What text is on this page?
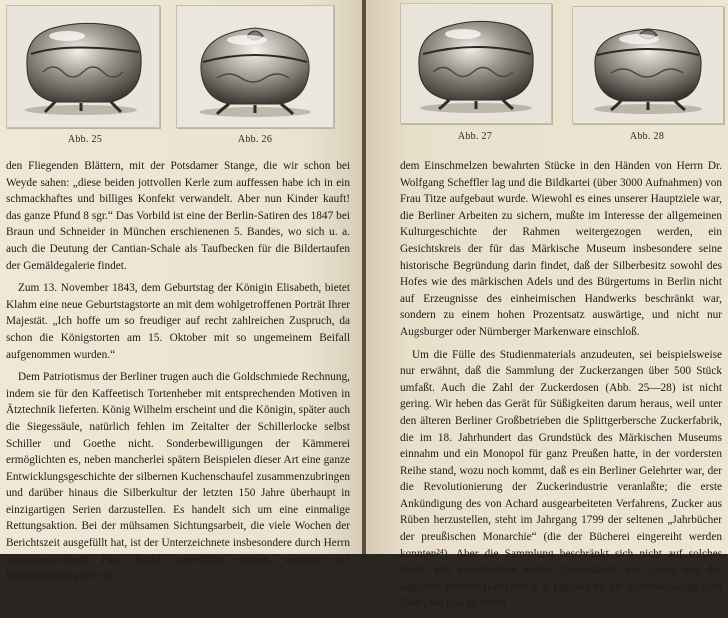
Abb. 25	Abb. 26

den Fliegenden Blättern, mit der Potsdamer Stange, die wir schon bei Weyde sahen: „diese beiden jottvollen Kerle zum auffessen habe ich in ein schmackhaftes und billiges Konfekt verwandelt. Aber nun Kinder kauft! das ganze Pfund 8 sgr.“ Das Vorbild ist eine der Berlin-Satiren des 1847 bei Braun und Schneider in München erschienenen 5. Bandes, wo sich u. a. auch die Deutung der Cantian-Schale als Taufbecken für die Bildertaufen der Gemäldegalerie findet.

Zum 13. November 1843, dem Geburtstag der Königin Elisabeth, bietet Klahm eine neue Geburtstagstorte an mit dem wohlgetroffenen Porträt Ihrer Majestät. „Ich hoffe um so freudiger auf recht zahlreichen Zuspruch, da schon die Königstorten am 15. Oktober mit so ungemeinem Beifall aufgenommen wurden.“

Dem Patriotismus der Berliner trugen auch die Goldschmiede Rechnung, indem sie für den Kaffeetisch Tortenheber mit entsprechenden Motiven in Ätztechnik lieferten. König Wilhelm erscheint und die Königin, später auch die Siegessäule, natürlich fehlen im Zeitalter der Schillerlocke selbst Schiller und Goethe nicht. Sonderbewilligungen der Kämmerei ermöglichten es, neben mancherlei spätern Beispielen dieser Art eine ganze Entwicklungsgeschichte der silbernen Kuchenschaufel zusammenzubringen und darüber hinaus die Silberkultur der letzten 150 Jahre überhaupt in einzigartigen Serien darzustellen. Es handelt sich um eine einmalige Rettungsaktion. Bei der mühsamen Sichtungsarbeit, die viele Wochen der Berichtszeit ausgefüllt hat, ist der Unterzeichnete insbesondere durch Herrn Stadtoberarchitekt Paul Kothe unterstützt worden, während die Katalogisierung der vor

Abb. 27	Abb. 28

dem Einschmelzen bewahrten Stücke in den Händen von Herrn Dr. Wolfgang Scheffler lag und die Bildkartei (über 3000 Aufnahmen) von Frau Titze aufgebaut wurde. Wiewohl es eines unserer Hauptziele war, die Berliner Arbeiten zu sichern, mußte im Interesse der allgemeinen Kulturgeschichte der Rahmen weitergezogen werden, ein Gesichtskreis der für das Märkische Museum insbesondere seine historische Begründung darin findet, daß der Silberbesitz sowohl des Hofes wie des märkischen Adels und des Bürgertums in Berlin nicht auf Erzeugnisse des einheimischen Handwerks beschränkt war, sondern zu einem hohen Prozentsatz auswärtige, und nicht nur Augsburger oder Nürnberger Markenware einschloß.

Um die Fülle des Studienmaterials anzudeuten, sei beispielsweise nur erwähnt, daß die Sammlung der Zuckerzangen über 500 Stück umfaßt. Auch die Zahl der Zuckerdosen (Abb. 25—28) ist nicht gering. Wir heben das Gerät für Süßigkeiten darum heraus, weil unter den älteren Berliner Großbetrieben die Splittgerbersche Zuckerfabrik, die im 18. Jahrhundert das Grundstück des Märkischen Museums einnahm und ein Monopol für ganz Preußen hatte, in der vordersten Reihe stand, wozu noch kommt, daß es ein Berliner Gelehrter war, der die Revolutionierung der Zuckerindustrie veranlaßte; die erste Ankündigung des von Achard ausgearbeiteten Verfahrens, Zucker aus Rüben herzustellen, steht im Jahrgang 1799 der seltenen „Jahrbücher der preußischen Monarchie“ (die der Bücherei eingereiht werden konnten²⁴). Aber die Sammlung beschränkt sich nicht auf solches Gerät. Für verschiedene andere Gegenstände des Luxus und des täglichen Bedarfs (Leuchter z. B.) gelang es, die Stilentwicklung vom Ende, hin und da schon
